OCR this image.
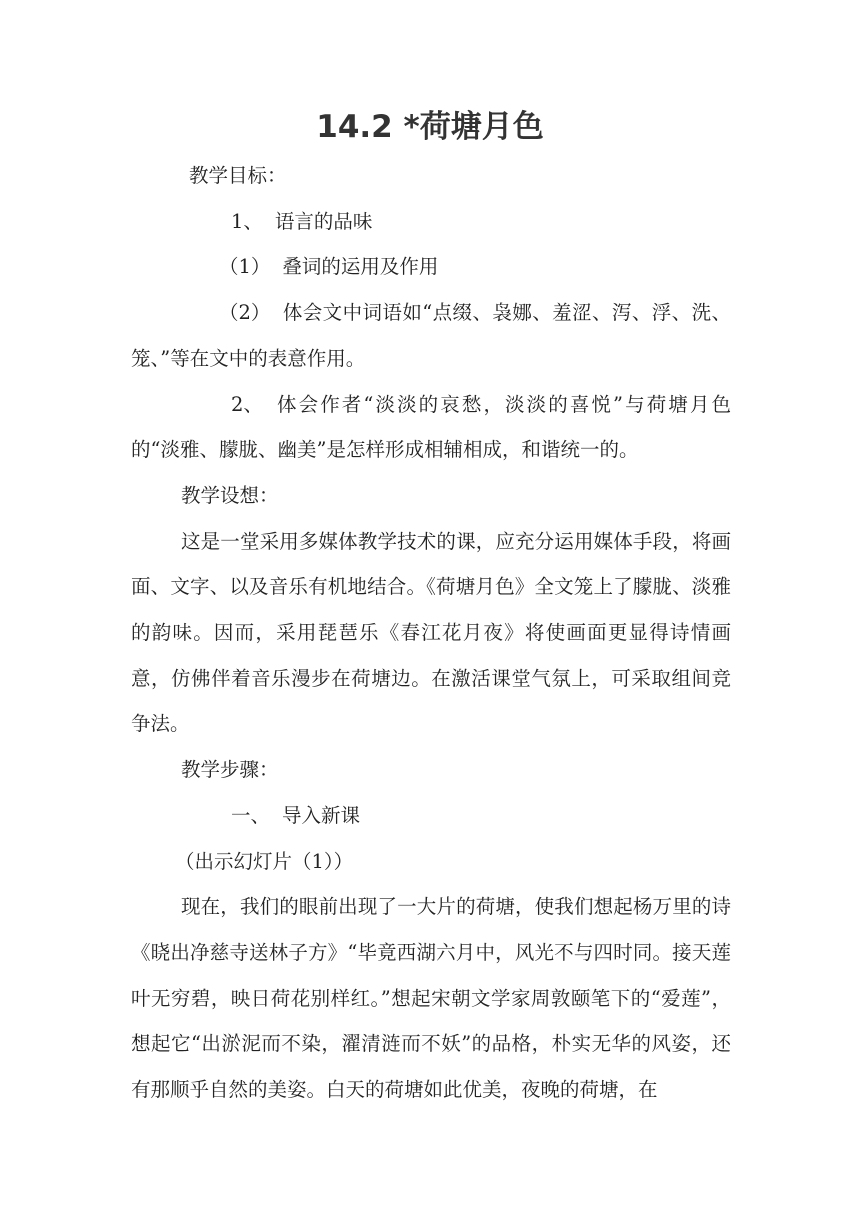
14.2 *荷塘月色

教学目标：

1、 语言的品味

（1） 叠词的运用及作用

（2） 体会文中词语如“点缀、袅娜、羞涩、泻、浮、洗、笼、”等在文中的表意作用。

2、 体会作者“淡淡的哀愁，淡淡的喜悦”与荷塘月色的“淡雅、朦胧、幽美”是怎样形成相辅相成，和谐统一的。

教学设想：

这是一堂采用多媒体教学技术的课，应充分运用媒体手段，将画面、文字、以及音乐有机地结合。《荷塘月色》全文笼上了朦胧、淡雅的韵味。因而，采用琵琶乐《春江花月夜》将使画面更显得诗情画意，仿佛伴着音乐漫步在荷塘边。在激活课堂气氛上，可采取组间竞争法。

教学步骤：

一、 导入新课

（出示幻灯片（1））

现在，我们的眼前出现了一大片的荷塘，使我们想起杨万里的诗《晓出净慈寺送林子方》“毕竟西湖六月中，风光不与四时同。接天莲叶无穷碧，映日荷花别样红。”想起宋朝文学家周敦颐笔下的“爱莲”，想起它“出淤泥而不染，濯清涟而不妖”的品格，朴实无华的风姿，还有那顺乎自然的美姿。白天的荷塘如此优美，夜晚的荷塘，在
